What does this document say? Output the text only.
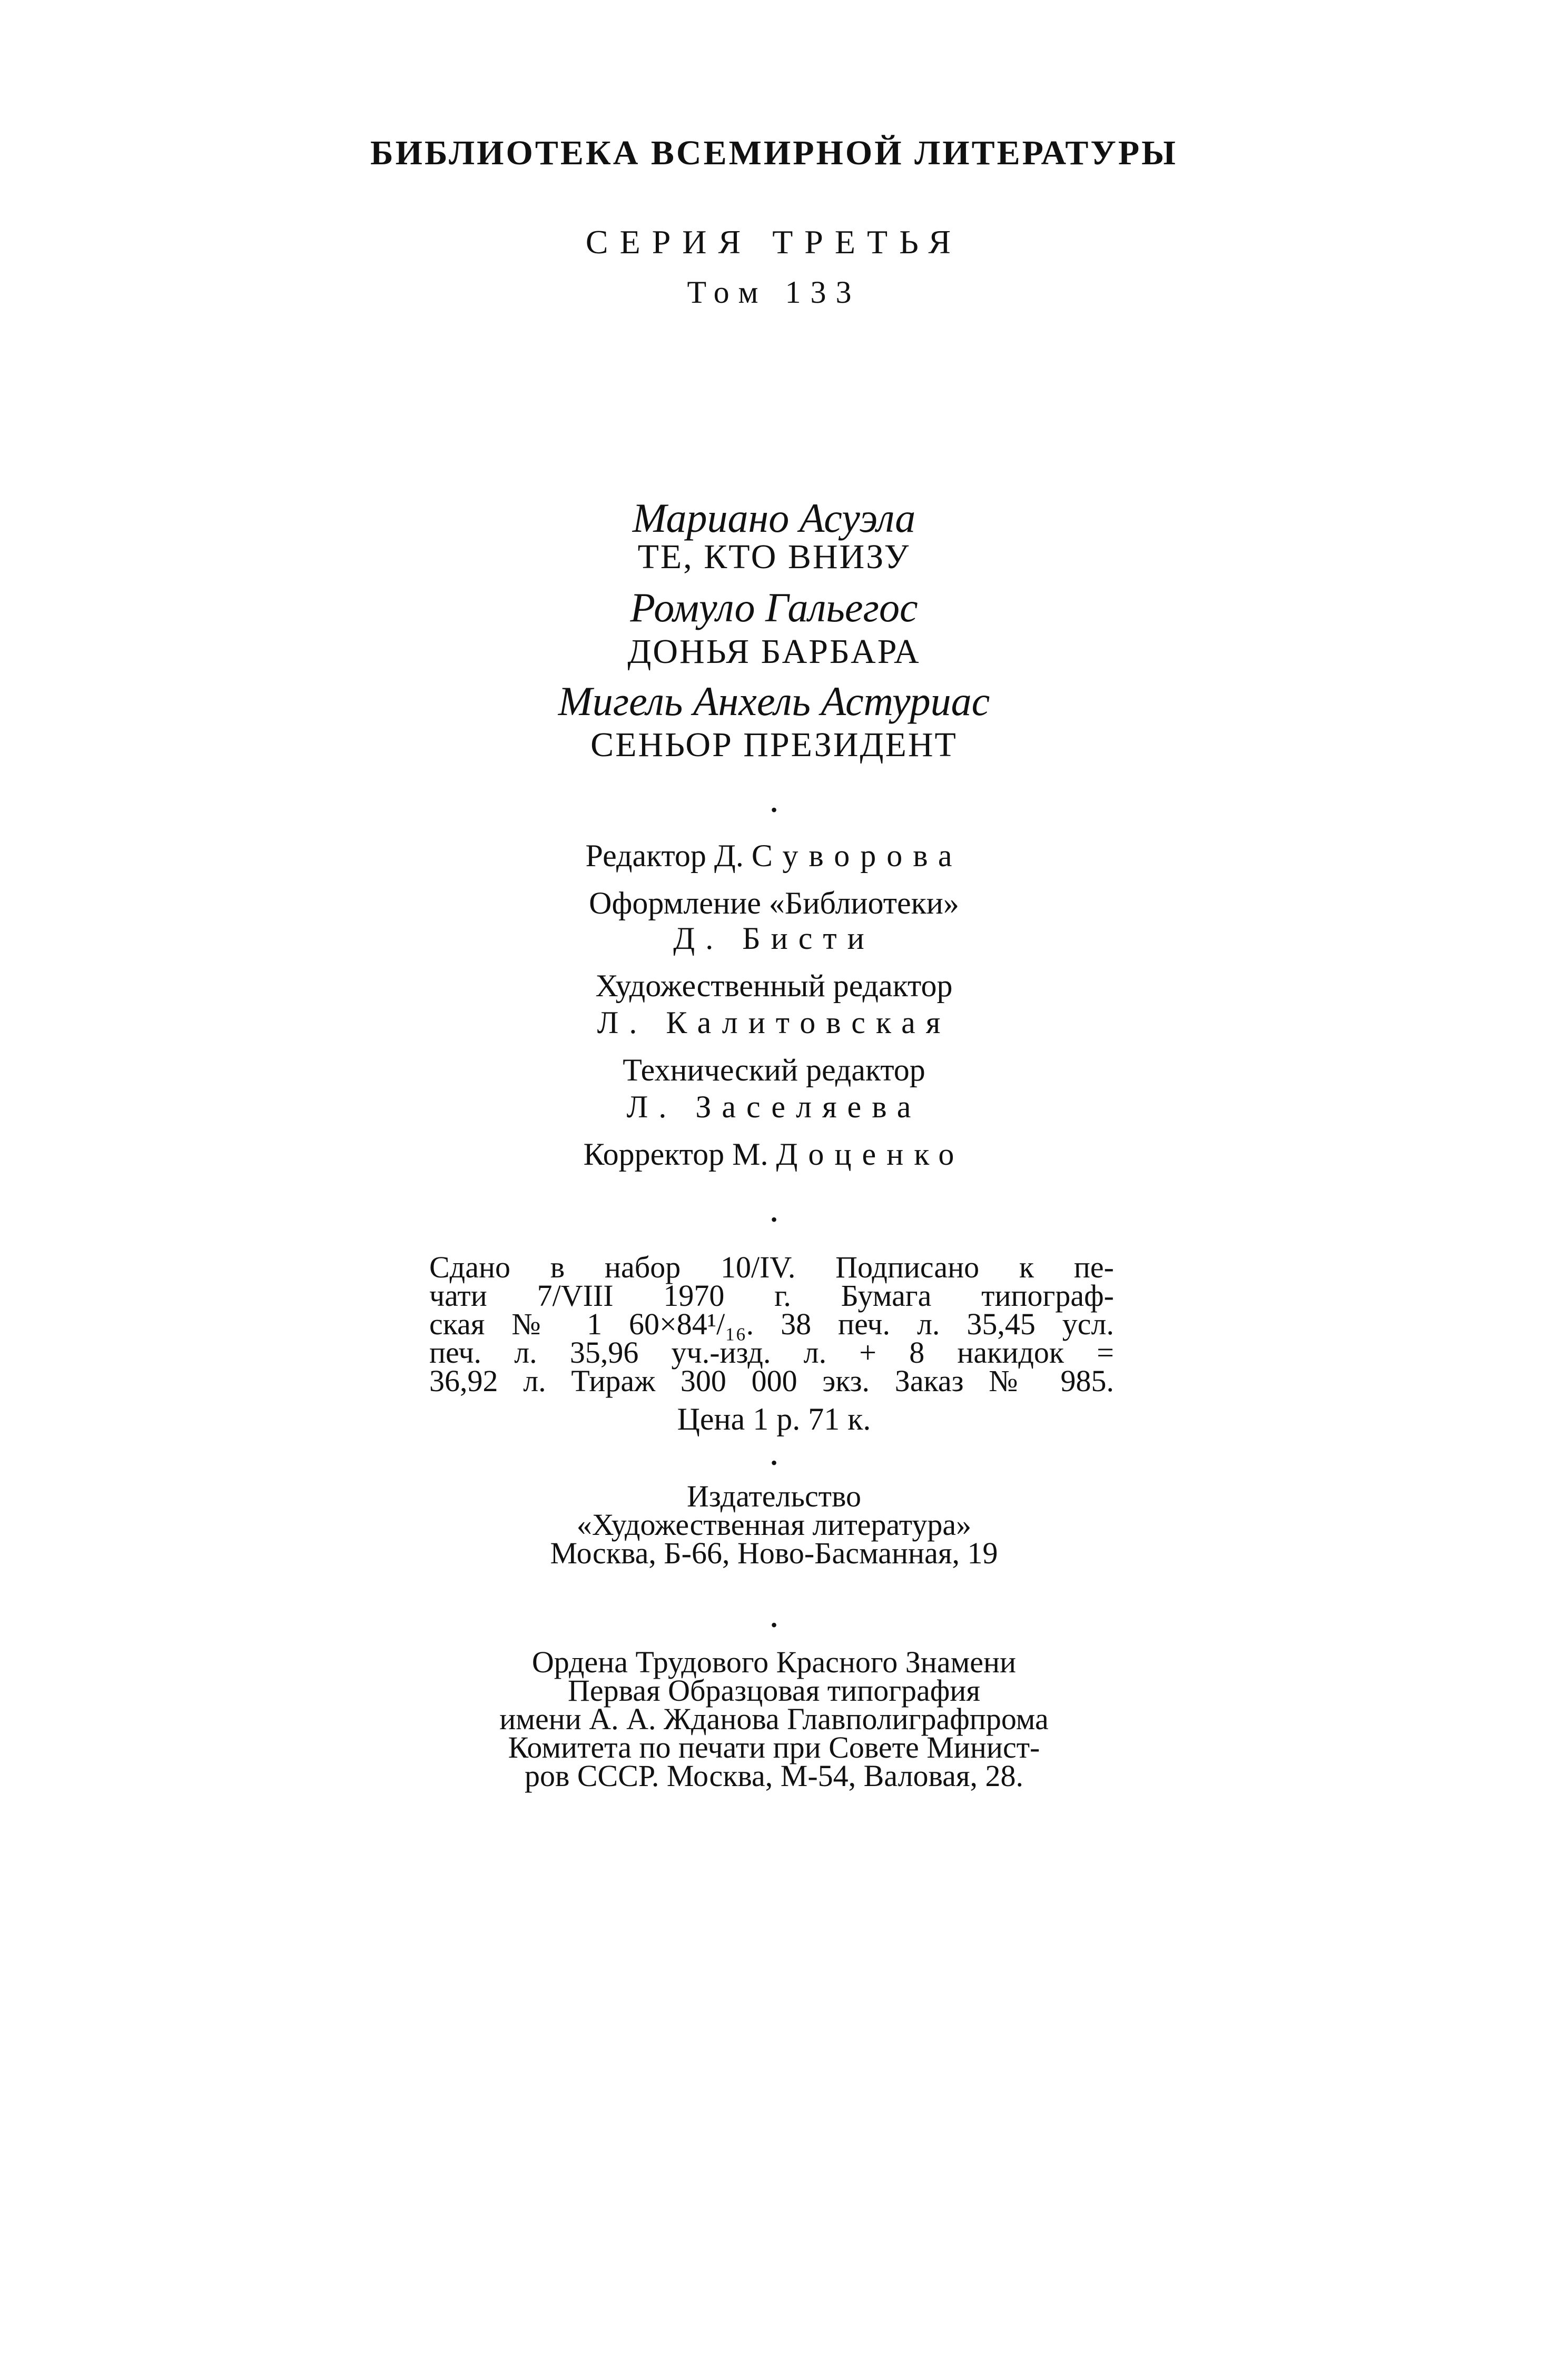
БИБЛИОТЕКА ВСЕМИРНОЙ ЛИТЕРАТУРЫ
СЕРИЯ ТРЕТЬЯ
Том 133
Мариано Асуэла
ТЕ, КТО ВНИЗУ
Ромуло Гальегос
ДОНЬЯ БАРБАРА
Мигель Анхель Астуриас
СЕНЬОР ПРЕЗИДЕНТ
•
Редактор Д. Суворова
Оформление «Библиотеки»
Д. Бисти
Художественный редактор
Л. Калитовская
Технический редактор
Л. Заселяева
Корректор М. Доценко
•
Сдано в набор 10/IV. Подписано к пе-
чати 7/VIII 1970 г. Бумага типограф-
ская № 1 60×84¹/₁₆. 38 печ. л. 35,45 усл.
печ. л. 35,96 уч.-изд. л. + 8 накидок =
36,92 л. Тираж 300 000 экз. Заказ № 985.
Цена 1 р. 71 к.
•
Издательство
«Художественная литература»
Москва, Б-66, Ново-Басманная, 19
•
Ордена Трудового Красного Знамени
Первая Образцовая типография
имени А. А. Жданова Главполиграфпрома
Комитета по печати при Совете Минист-
ров СССР. Москва, М-54, Валовая, 28.
